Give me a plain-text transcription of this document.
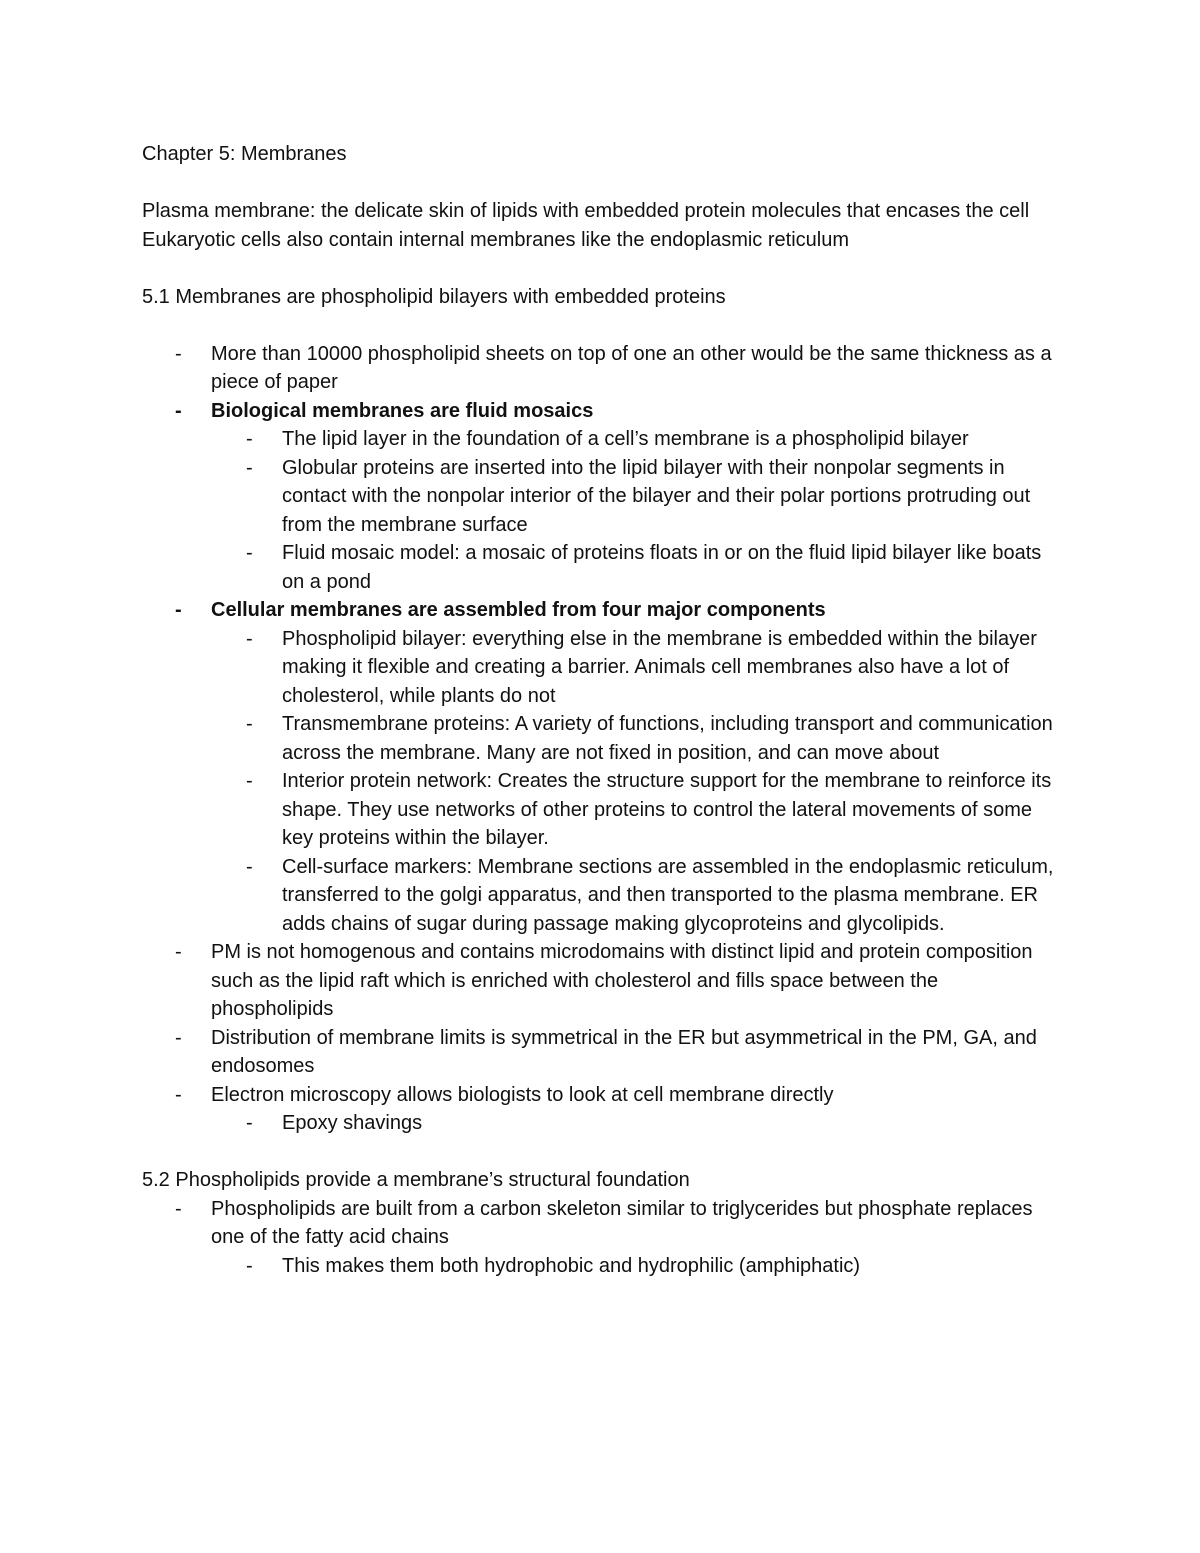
Chapter 5: Membranes
Plasma membrane: the delicate skin of lipids with embedded protein molecules that encases the cell
Eukaryotic cells also contain internal membranes like the endoplasmic reticulum
5.1 Membranes are phospholipid bilayers with embedded proteins
- More than 10000 phospholipid sheets on top of one an other would be the same thickness as a piece of paper
- Biological membranes are fluid mosaics
- The lipid layer in the foundation of a cell’s membrane is a phospholipid bilayer
- Globular proteins are inserted into the lipid bilayer with their nonpolar segments in contact with the nonpolar interior of the bilayer and their polar portions protruding out from the membrane surface
- Fluid mosaic model: a mosaic of proteins floats in or on the fluid lipid bilayer like boats on a pond
- Cellular membranes are assembled from four major components
- Phospholipid bilayer: everything else in the membrane is embedded within the bilayer making it flexible and creating a barrier. Animals cell membranes also have a lot of cholesterol, while plants do not
- Transmembrane proteins: A variety of functions, including transport and communication across the membrane. Many are not fixed in position, and can move about
- Interior protein network: Creates the structure support for the membrane to reinforce its shape. They use networks of other proteins to control the lateral movements of some key proteins within the bilayer.
- Cell-surface markers: Membrane sections are assembled in the endoplasmic reticulum, transferred to the golgi apparatus, and then transported to the plasma membrane. ER adds chains of sugar during passage making glycoproteins and glycolipids.
- PM is not homogenous and contains microdomains with distinct lipid and protein composition such as the lipid raft which is enriched with cholesterol and fills space between the phospholipids
- Distribution of membrane limits is symmetrical in the ER but asymmetrical in the PM, GA, and endosomes
- Electron microscopy allows biologists to look at cell membrane directly
- Epoxy shavings
5.2 Phospholipids provide a membrane’s structural foundation
- Phospholipids are built from a carbon skeleton similar to triglycerides but phosphate replaces one of the fatty acid chains
- This makes them both hydrophobic and hydrophilic (amphiphatic)
